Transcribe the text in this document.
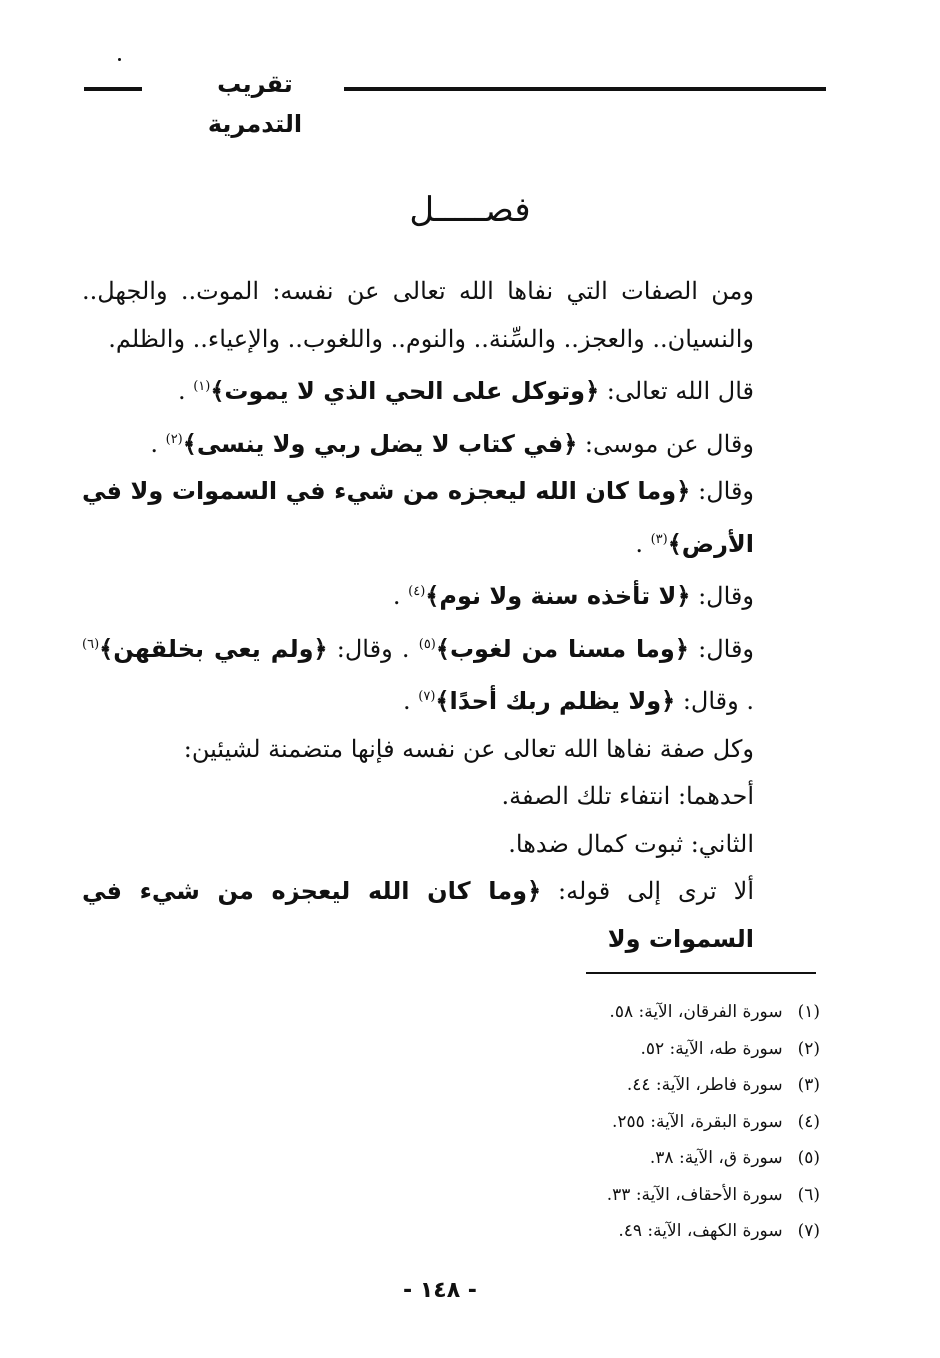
تقريب التدمرية
فصـــــل

ومن الصفات التي نفاها الله تعالى عن نفسه: الموت.. والجهل.. والنسيان.. والعجز.. والسِّنة.. والنوم.. واللغوب.. والإعياء.. والظلم.

قال الله تعالى: ﴿وتوكل على الحي الذي لا يموت﴾$^{(١)}$ .

وقال عن موسى: ﴿في كتاب لا يضل ربي ولا ينسى﴾$^{(٢)}$ .

وقال: ﴿وما كان الله ليعجزه من شيء في السموات ولا في الأرض﴾$^{(٣)}$ .

وقال: ﴿لا تأخذه سنة ولا نوم﴾$^{(٤)}$ .

وقال: ﴿وما مسنا من لغوب﴾$^{(٥)}$ . وقال: ﴿ولم يعي بخلقهن﴾$^{(٦)}$ . وقال: ﴿ولا يظلم ربك أحدًا﴾$^{(٧)}$ .

وكل صفة نفاها الله تعالى عن نفسه فإنها متضمنة لشيئين:

أحدهما: انتفاء تلك الصفة.

الثاني: ثبوت كمال ضدها.

ألا ترى إلى قوله: ﴿وما كان الله ليعجزه من شيء في السموات ولا

(١) سورة الفرقان، الآية: ٥٨.

(٢) سورة طه، الآية: ٥٢.

(٣) سورة فاطر، الآية: ٤٤.

(٤) سورة البقرة، الآية: ٢٥٥.

(٥) سورة ق، الآية: ٣٨.

(٦) سورة الأحقاف، الآية: ٣٣.

(٧) سورة الكهف، الآية: ٤٩.

- ١٤٨ -
